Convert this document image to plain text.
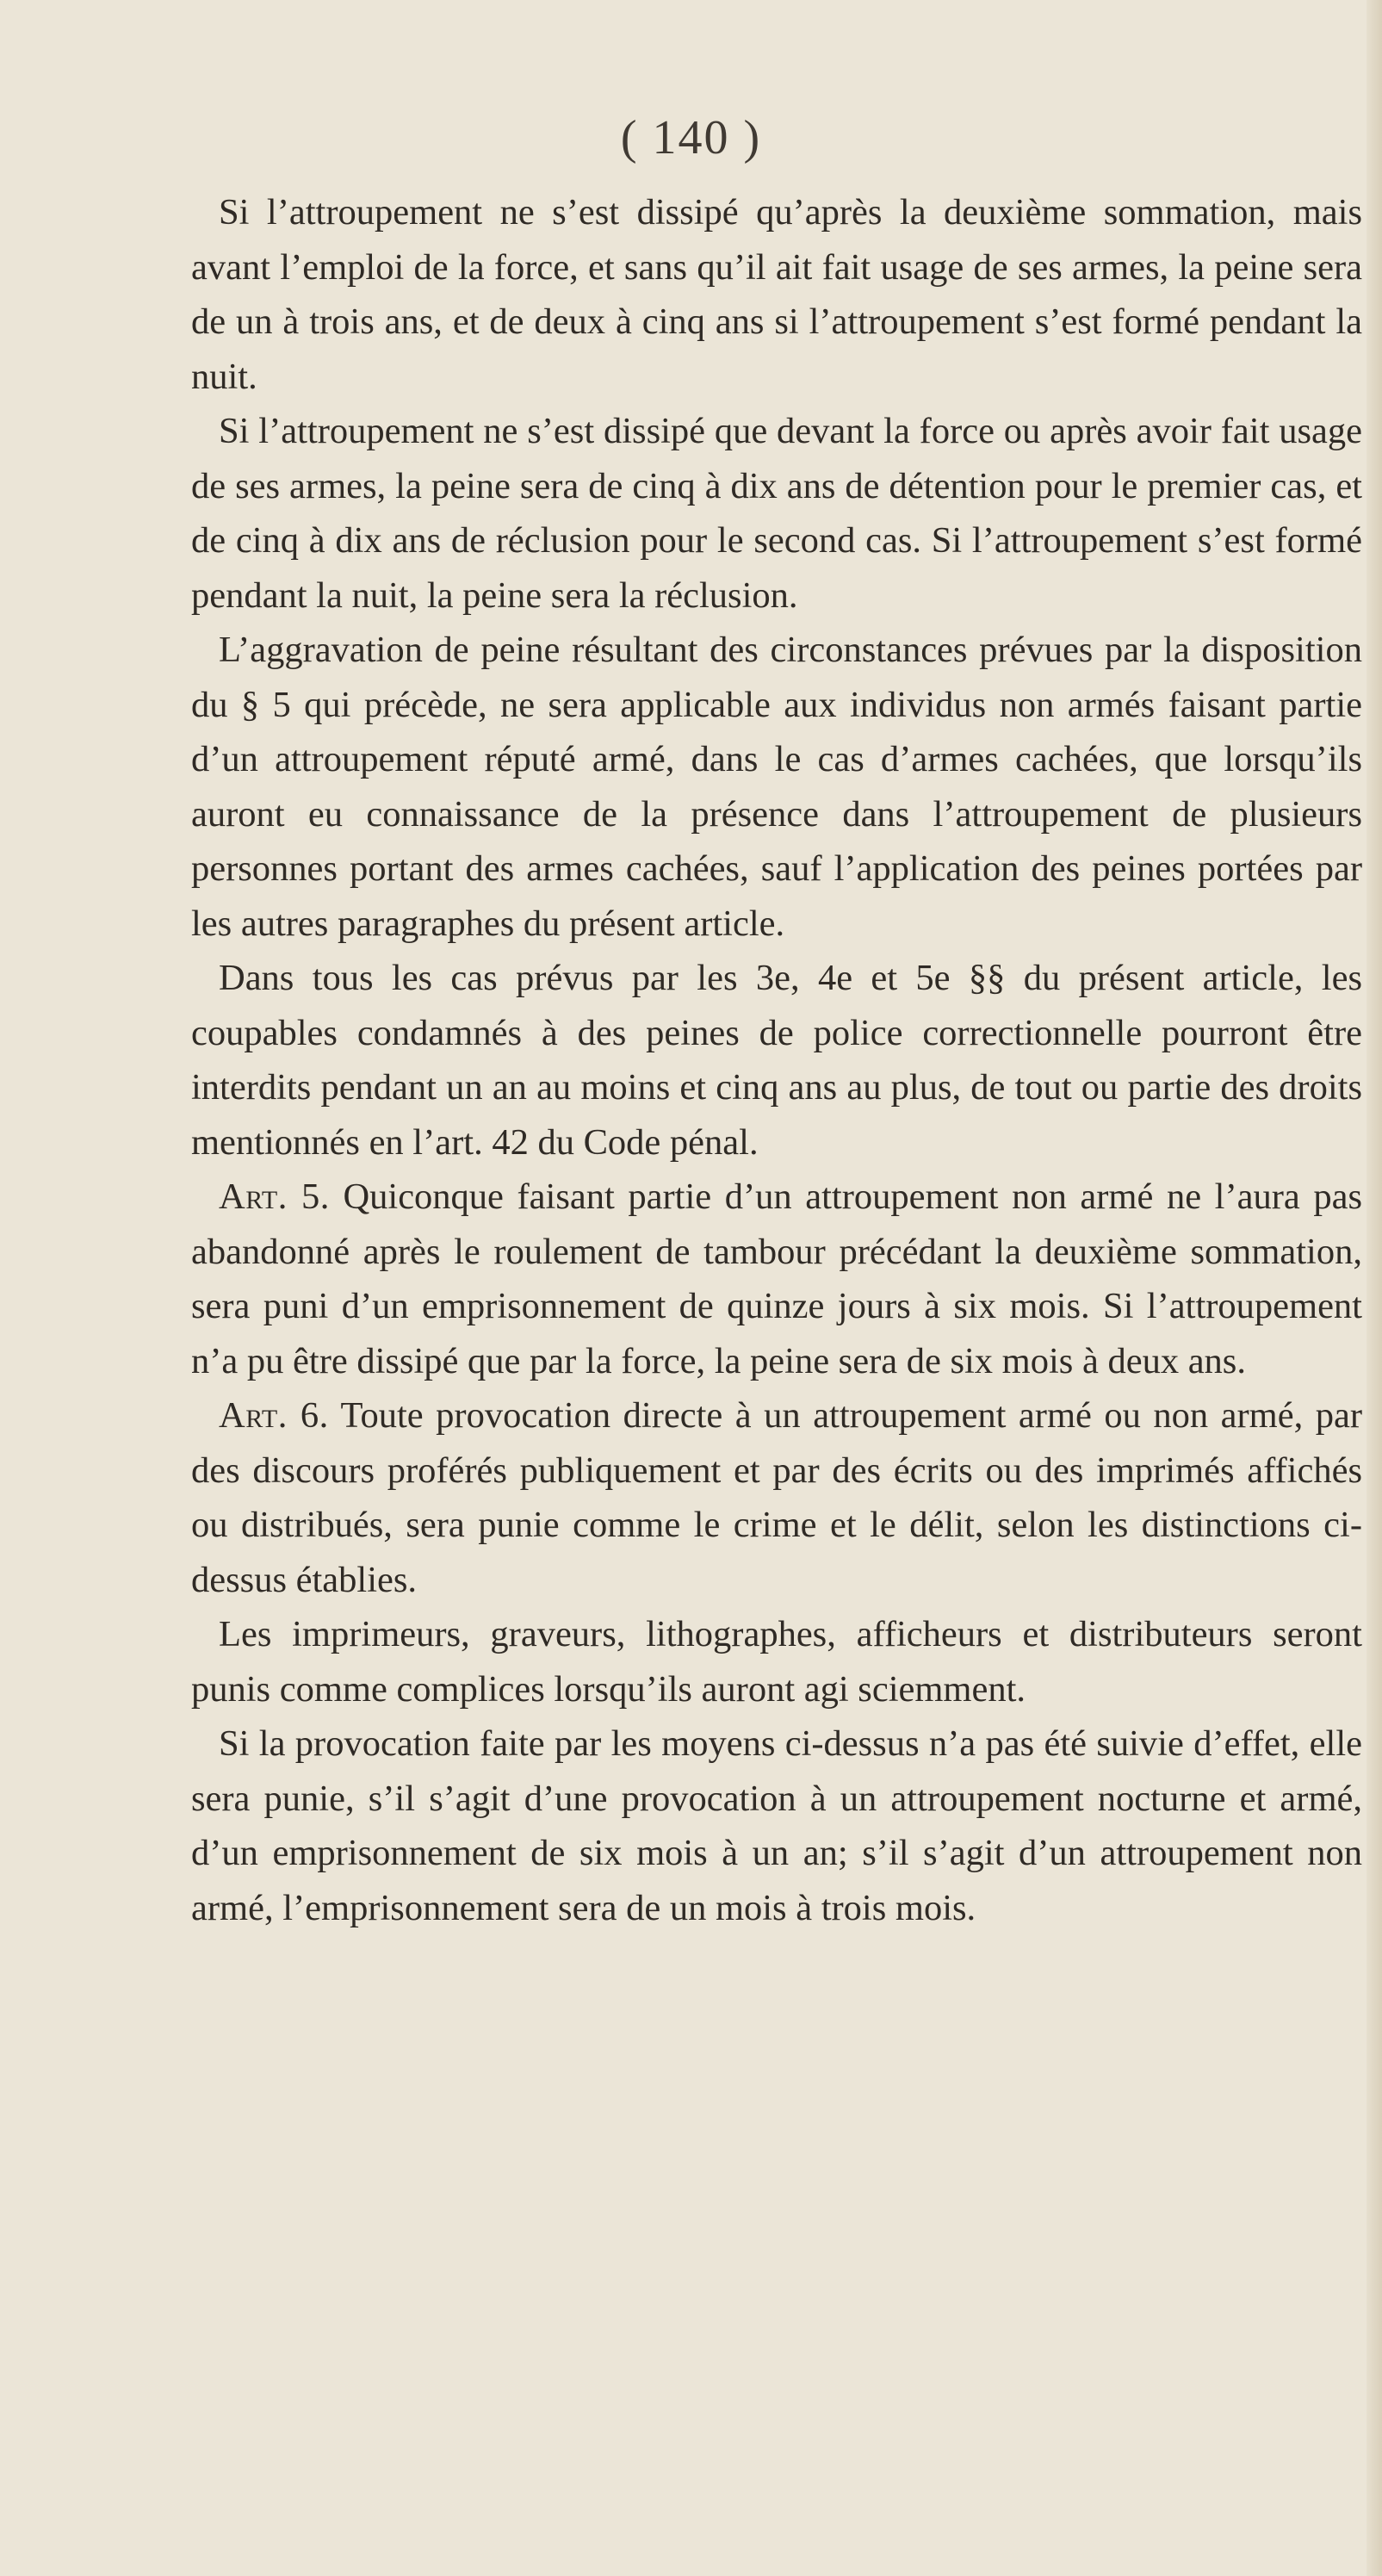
( 140 )

Si l’attroupement ne s’est dissipé qu’après la deuxième sommation, mais avant l’emploi de la force, et sans qu’il ait fait usage de ses armes, la peine sera de un à trois ans, et de deux à cinq ans si l’attroupement s’est formé pendant la nuit.

Si l’attroupement ne s’est dissipé que devant la force ou après avoir fait usage de ses armes, la peine sera de cinq à dix ans de détention pour le premier cas, et de cinq à dix ans de réclusion pour le second cas. Si l’attroupement s’est formé pendant la nuit, la peine sera la réclusion.

L’aggravation de peine résultant des circonstances prévues par la disposition du § 5 qui précède, ne sera applicable aux individus non armés faisant partie d’un attroupement réputé armé, dans le cas d’armes cachées, que lorsqu’ils auront eu connaissance de la présence dans l’attroupement de plusieurs personnes portant des armes cachées, sauf l’application des peines portées par les autres paragraphes du présent article.

Dans tous les cas prévus par les 3e, 4e et 5e §§ du présent article, les coupables condamnés à des peines de police correctionnelle pourront être interdits pendant un an au moins et cinq ans au plus, de tout ou partie des droits mentionnés en l’art. 42 du Code pénal.

Art. 5. Quiconque faisant partie d’un attroupement non armé ne l’aura pas abandonné après le roulement de tambour précédant la deuxième sommation, sera puni d’un emprisonnement de quinze jours à six mois. Si l’attroupement n’a pu être dissipé que par la force, la peine sera de six mois à deux ans.

Art. 6. Toute provocation directe à un attroupement armé ou non armé, par des discours proférés publiquement et par des écrits ou des imprimés affichés ou distribués, sera punie comme le crime et le délit, selon les distinctions ci-dessus établies.

Les imprimeurs, graveurs, lithographes, afficheurs et distributeurs seront punis comme complices lorsqu’ils auront agi sciemment.

Si la provocation faite par les moyens ci-dessus n’a pas été suivie d’effet, elle sera punie, s’il s’agit d’une provocation à un attroupement nocturne et armé, d’un emprisonnement de six mois à un an; s’il s’agit d’un attroupement non armé, l’emprisonnement sera de un mois à trois mois.
